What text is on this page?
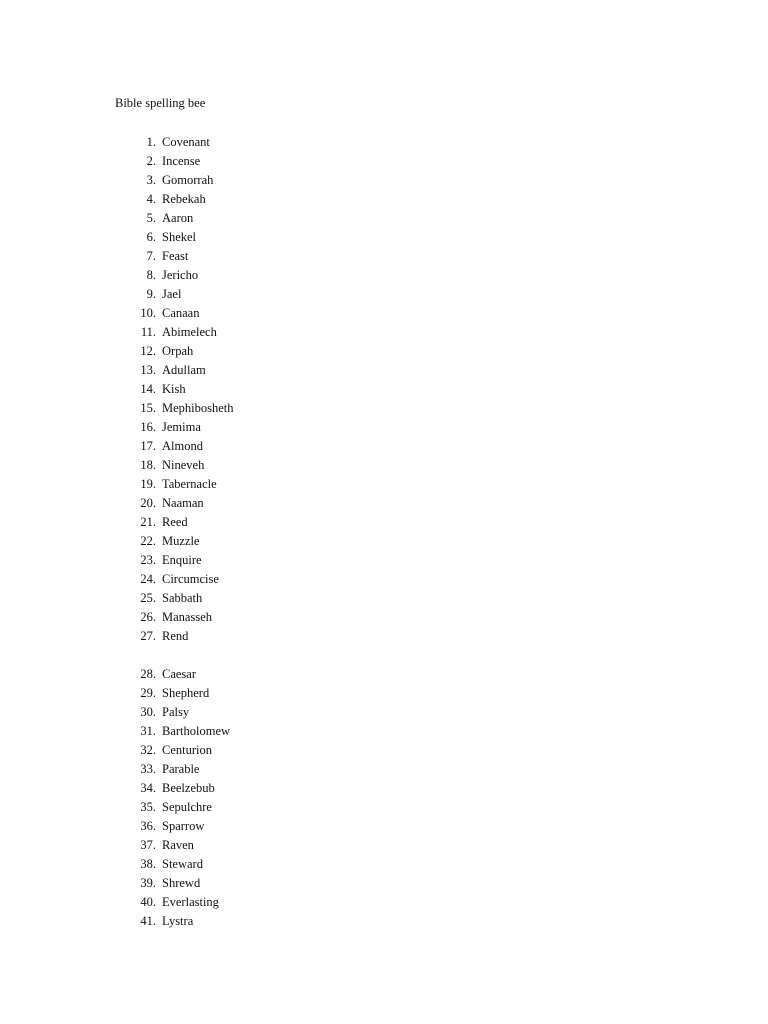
Bible spelling bee
1. Covenant
2. Incense
3. Gomorrah
4. Rebekah
5. Aaron
6. Shekel
7. Feast
8. Jericho
9. Jael
10. Canaan
11. Abimelech
12. Orpah
13. Adullam
14. Kish
15. Mephibosheth
16. Jemima
17. Almond
18. Nineveh
19. Tabernacle
20. Naaman
21. Reed
22. Muzzle
23. Enquire
24. Circumcise
25. Sabbath
26. Manasseh
27. Rend
28. Caesar
29. Shepherd
30. Palsy
31. Bartholomew
32. Centurion
33. Parable
34. Beelzebub
35. Sepulchre
36. Sparrow
37. Raven
38. Steward
39. Shrewd
40. Everlasting
41. Lystra
